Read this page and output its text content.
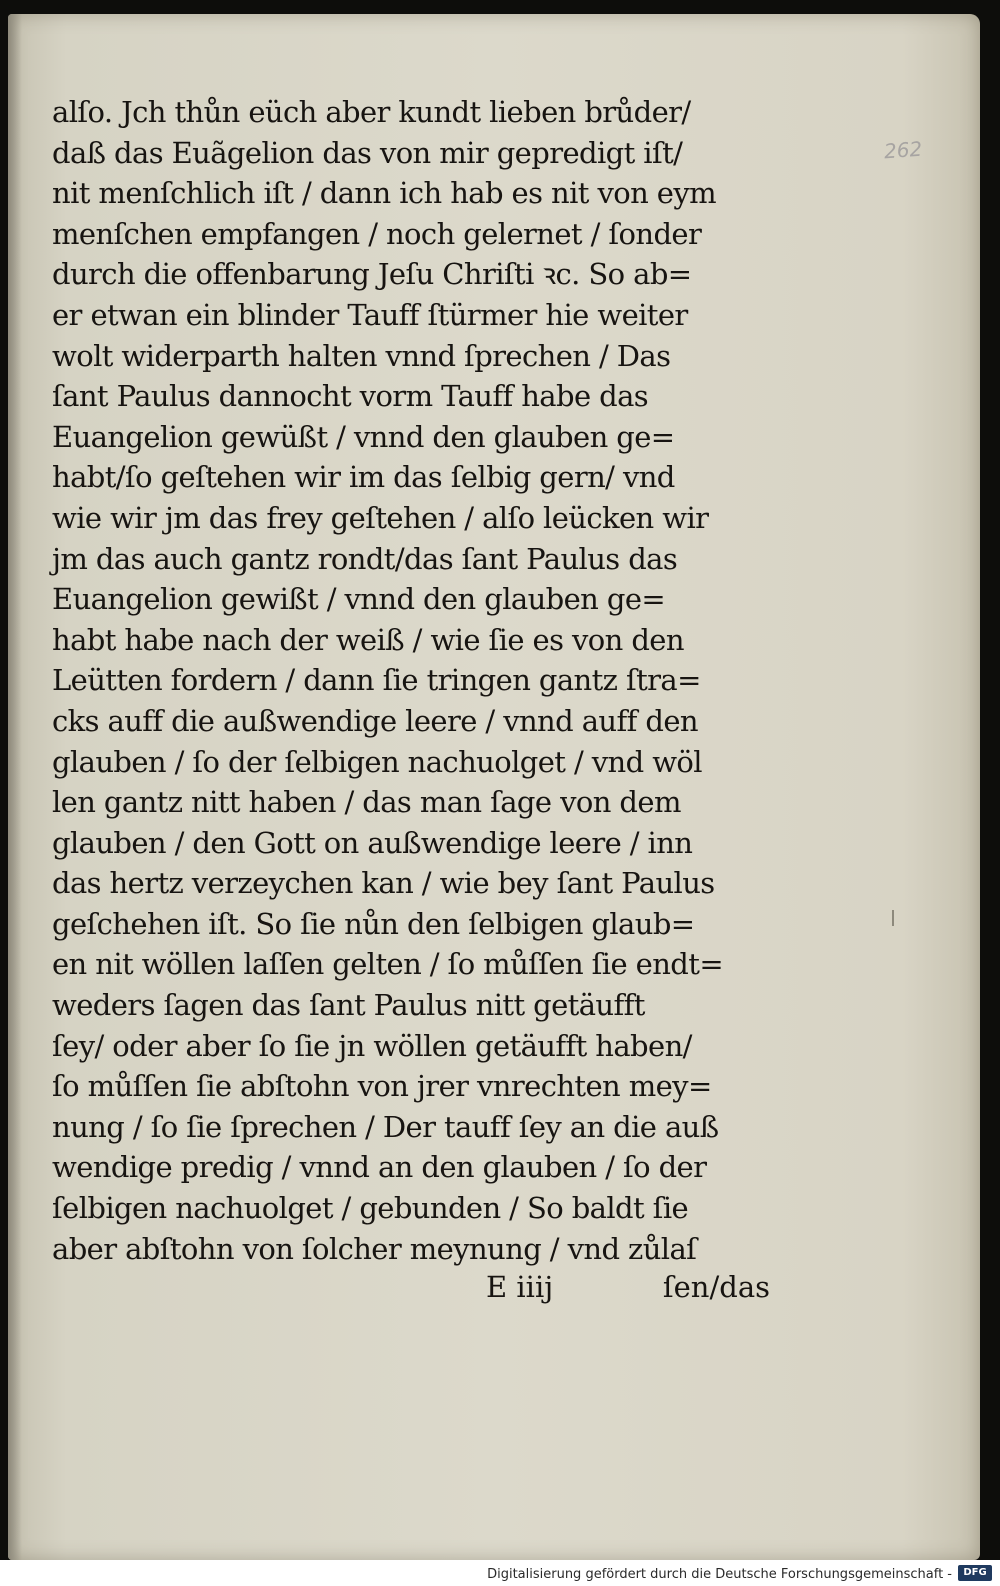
262
alſo. Jch thůn eüch aber kundt lieben brůder/
daß das Euãgelion das von mir gepredigt iſt/
nit menſchlich iſt / dann ich hab es nit von eym
menſchen empfangen / noch gelernet / ſonder
durch die offenbarung Jeſu Chriſti ꝛc. So ab=
er etwan ein blinder Tauff ſtürmer hie weiter
wolt widerparth halten vnnd ſprechen / Das
ſant Paulus dannocht vorm Tauff habe das
Euangelion gewüßt / vnnd den glauben ge=
habt/ſo geſtehen wir im das ſelbig gern/ vnd
wie wir jm das frey geſtehen / alſo leücken wir
jm das auch gantz rondt/das ſant Paulus das
Euangelion gewißt / vnnd den glauben ge=
habt habe nach der weiß / wie ſie es von den
Leütten fordern / dann ſie tringen gantz ſtra=
cks auff die außwendige leere / vnnd auff den
glauben / ſo der ſelbigen nachuolget / vnd wöl
len gantz nitt haben / das man ſage von dem
glauben / den Gott on außwendige leere / inn
das hertz verzeychen kan / wie bey ſant Paulus
geſchehen iſt. So ſie nůn den ſelbigen glaub=
en nit wöllen laſſen gelten / ſo můſſen ſie endt=
weders ſagen das ſant Paulus nitt getäufft
ſey/ oder aber ſo ſie jn wöllen getäufft haben/
ſo můſſen ſie abſtohn von jrer vnrechten mey=
nung / ſo ſie ſprechen / Der tauff ſey an die auß
wendige predig / vnnd an den glauben / ſo der
ſelbigen nachuolget / gebunden / So baldt ſie
aber abſtohn von ſolcher meynung / vnd zůlaſ
E iiij	ſen/das
Digitalisierung gefördert durch die Deutsche Forschungsgemeinschaft -	DFG
